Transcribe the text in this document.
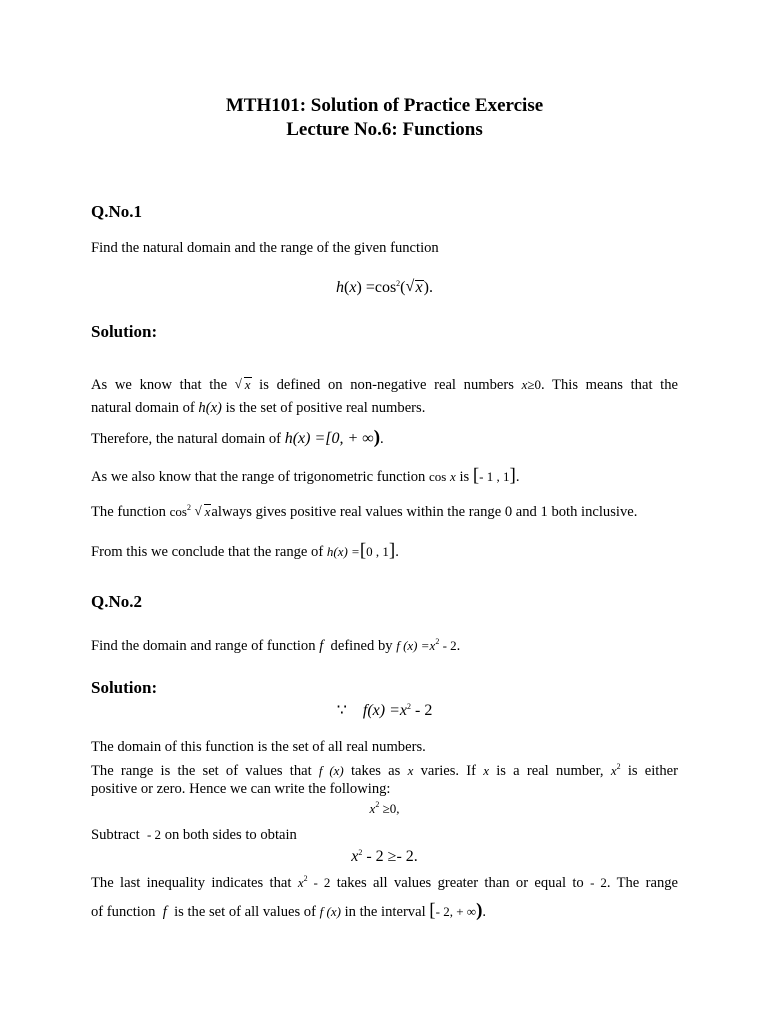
MTH101: Solution of Practice Exercise
Lecture No.6: Functions
Q.No.1
Find the natural domain and the range of the given function
$h(x) =\cos^2(√$ x).
Solution:
As we know that the √ x is defined on non-negative real numbers x≥0. This means that the
natural domain of h(x) is the set of positive real numbers.
Therefore, the natural domain of h(x) =[0, + ∞).
As we also know that the range of trigonometric function cos x is [- 1 , 1].
The function $\cos^2$ √ xalways gives positive real values within the range 0 and 1 both inclusive.
From this we conclude that the range of h(x) =[0 , 1].
Q.No.2
Find the domain and range of function f defined by f $(x) =x^2 - 2$.
Solution:
∵ $f(x) =x^2 - 2$
The domain of this function is the set of all real numbers.
The range is the set of values that f (x) takes as x varies. If x is a real number, $x^2$ is either
positive or zero. Hence we can write the following:
$x^2 \ge 0$,
Subtract - 2 on both sides to obtain
$x^2 - 2 \ge- 2$.
The last inequality indicates that $x^2 - 2$ takes all values greater than or equal to - 2. The range
of function f is the set of all values of f (x) in the interval [- 2, + ∞).
